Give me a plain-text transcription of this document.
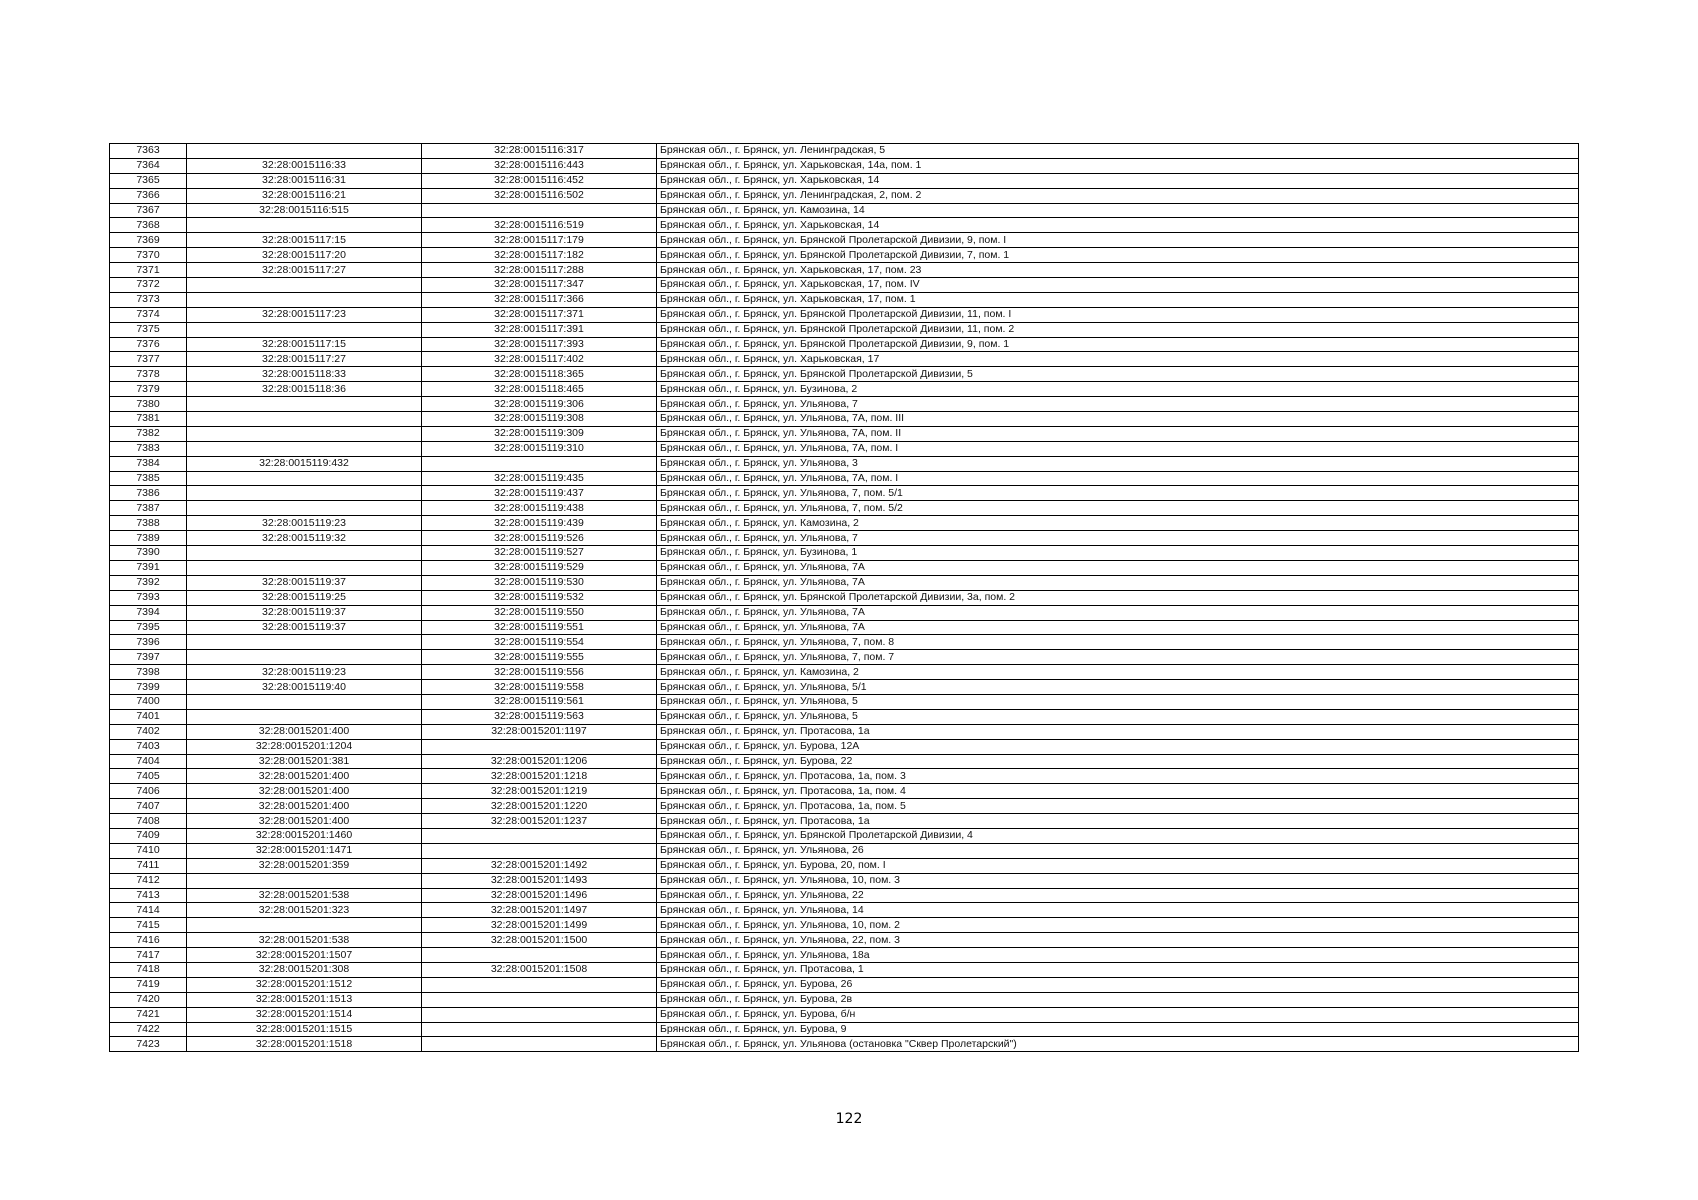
7363		32:28:0015116:317	Брянская обл., г. Брянск, ул. Ленинградская, 5
7364	32:28:0015116:33	32:28:0015116:443	Брянская обл., г. Брянск, ул. Харьковская, 14а, пом. 1
7365	32:28:0015116:31	32:28:0015116:452	Брянская обл., г. Брянск, ул. Харьковская, 14
7366	32:28:0015116:21	32:28:0015116:502	Брянская обл., г. Брянск, ул. Ленинградская, 2, пом. 2
7367	32:28:0015116:515		Брянская обл., г. Брянск, ул. Камозина, 14
7368		32:28:0015116:519	Брянская обл., г. Брянск, ул. Харьковская, 14
7369	32:28:0015117:15	32:28:0015117:179	Брянская обл., г. Брянск, ул. Брянской Пролетарской Дивизии, 9, пом. I
7370	32:28:0015117:20	32:28:0015117:182	Брянская обл., г. Брянск, ул. Брянской Пролетарской Дивизии, 7, пом. 1
7371	32:28:0015117:27	32:28:0015117:288	Брянская обл., г. Брянск, ул. Харьковская, 17, пом. 23
7372		32:28:0015117:347	Брянская обл., г. Брянск, ул. Харьковская, 17, пом. IV
7373		32:28:0015117:366	Брянская обл., г. Брянск, ул. Харьковская, 17, пом. 1
7374	32:28:0015117:23	32:28:0015117:371	Брянская обл., г. Брянск, ул. Брянской Пролетарской Дивизии, 11, пом. I
7375		32:28:0015117:391	Брянская обл., г. Брянск, ул. Брянской Пролетарской Дивизии, 11, пом. 2
7376	32:28:0015117:15	32:28:0015117:393	Брянская обл., г. Брянск, ул. Брянской Пролетарской Дивизии, 9, пом. 1
7377	32:28:0015117:27	32:28:0015117:402	Брянская обл., г. Брянск, ул. Харьковская, 17
7378	32:28:0015118:33	32:28:0015118:365	Брянская обл., г. Брянск, ул. Брянской Пролетарской Дивизии, 5
7379	32:28:0015118:36	32:28:0015118:465	Брянская обл., г. Брянск, ул. Бузинова, 2
7380		32:28:0015119:306	Брянская обл., г. Брянск, ул. Ульянова, 7
7381		32:28:0015119:308	Брянская обл., г. Брянск, ул. Ульянова, 7А, пом. III
7382		32:28:0015119:309	Брянская обл., г. Брянск, ул. Ульянова, 7А, пом. II
7383		32:28:0015119:310	Брянская обл., г. Брянск, ул. Ульянова, 7А, пом. I
7384	32:28:0015119:432		Брянская обл., г. Брянск, ул. Ульянова, 3
7385		32:28:0015119:435	Брянская обл., г. Брянск, ул. Ульянова, 7А, пом. I
7386		32:28:0015119:437	Брянская обл., г. Брянск, ул. Ульянова, 7, пом. 5/1
7387		32:28:0015119:438	Брянская обл., г. Брянск, ул. Ульянова, 7, пом. 5/2
7388	32:28:0015119:23	32:28:0015119:439	Брянская обл., г. Брянск, ул. Камозина, 2
7389	32:28:0015119:32	32:28:0015119:526	Брянская обл., г. Брянск, ул. Ульянова, 7
7390		32:28:0015119:527	Брянская обл., г. Брянск, ул. Бузинова, 1
7391		32:28:0015119:529	Брянская обл., г. Брянск, ул. Ульянова, 7А
7392	32:28:0015119:37	32:28:0015119:530	Брянская обл., г. Брянск, ул. Ульянова, 7А
7393	32:28:0015119:25	32:28:0015119:532	Брянская обл., г. Брянск, ул. Брянской Пролетарской Дивизии, 3а, пом. 2
7394	32:28:0015119:37	32:28:0015119:550	Брянская обл., г. Брянск, ул. Ульянова, 7А
7395	32:28:0015119:37	32:28:0015119:551	Брянская обл., г. Брянск, ул. Ульянова, 7А
7396		32:28:0015119:554	Брянская обл., г. Брянск, ул. Ульянова, 7, пом. 8
7397		32:28:0015119:555	Брянская обл., г. Брянск, ул. Ульянова, 7, пом. 7
7398	32:28:0015119:23	32:28:0015119:556	Брянская обл., г. Брянск, ул. Камозина, 2
7399	32:28:0015119:40	32:28:0015119:558	Брянская обл., г. Брянск, ул. Ульянова, 5/1
7400		32:28:0015119:561	Брянская обл., г. Брянск, ул. Ульянова, 5
7401		32:28:0015119:563	Брянская обл., г. Брянск, ул. Ульянова, 5
7402	32:28:0015201:400	32:28:0015201:1197	Брянская обл., г. Брянск, ул. Протасова, 1а
7403	32:28:0015201:1204		Брянская обл., г. Брянск, ул. Бурова, 12А
7404	32:28:0015201:381	32:28:0015201:1206	Брянская обл., г. Брянск, ул. Бурова, 22
7405	32:28:0015201:400	32:28:0015201:1218	Брянская обл., г. Брянск, ул. Протасова, 1а, пом. 3
7406	32:28:0015201:400	32:28:0015201:1219	Брянская обл., г. Брянск, ул. Протасова, 1а, пом. 4
7407	32:28:0015201:400	32:28:0015201:1220	Брянская обл., г. Брянск, ул. Протасова, 1а, пом. 5
7408	32:28:0015201:400	32:28:0015201:1237	Брянская обл., г. Брянск, ул. Протасова, 1а
7409	32:28:0015201:1460		Брянская обл., г. Брянск, ул. Брянской Пролетарской Дивизии, 4
7410	32:28:0015201:1471		Брянская обл., г. Брянск, ул. Ульянова, 26
7411	32:28:0015201:359	32:28:0015201:1492	Брянская обл., г. Брянск, ул. Бурова, 20, пом. I
7412		32:28:0015201:1493	Брянская обл., г. Брянск, ул. Ульянова, 10, пом. 3
7413	32:28:0015201:538	32:28:0015201:1496	Брянская обл., г. Брянск, ул. Ульянова, 22
7414	32:28:0015201:323	32:28:0015201:1497	Брянская обл., г. Брянск, ул. Ульянова, 14
7415		32:28:0015201:1499	Брянская обл., г. Брянск, ул. Ульянова, 10, пом. 2
7416	32:28:0015201:538	32:28:0015201:1500	Брянская обл., г. Брянск, ул. Ульянова, 22, пом. 3
7417	32:28:0015201:1507		Брянская обл., г. Брянск, ул. Ульянова, 18а
7418	32:28:0015201:308	32:28:0015201:1508	Брянская обл., г. Брянск, ул. Протасова, 1
7419	32:28:0015201:1512		Брянская обл., г. Брянск, ул. Бурова, 26
7420	32:28:0015201:1513		Брянская обл., г. Брянск, ул. Бурова, 2в
7421	32:28:0015201:1514		Брянская обл., г. Брянск, ул. Бурова, б/н
7422	32:28:0015201:1515		Брянская обл., г. Брянск, ул. Бурова, 9
7423	32:28:0015201:1518		Брянская обл., г. Брянск, ул. Ульянова (остановка "Сквер Пролетарский")
122
